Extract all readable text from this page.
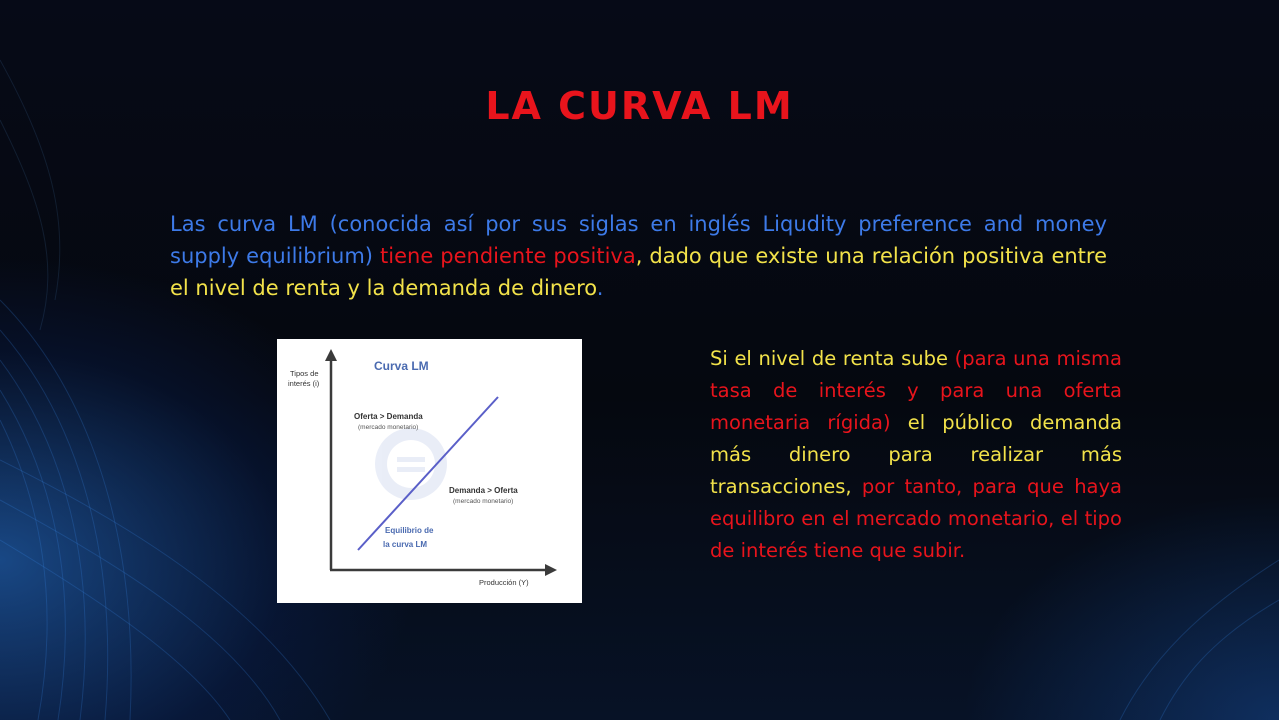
LA CURVA LM
Las curva LM (conocida así por sus siglas en inglés Liqudity preference and money supply equilibrium) tiene pendiente positiva, dado que existe una relación positiva entre el nivel de renta y la demanda de dinero.
Curva LM
Tipos de
interés (i)
Oferta > Demanda
(mercado monetario)
Demanda > Oferta
(mercado monetario)
Equilibrio de
la curva LM
Producción (Y)
Si el nivel de renta sube (para una misma tasa de interés y para una oferta monetaria rígida) el público demanda más dinero para realizar más transacciones, por tanto, para que haya equilibro en el mercado monetario, el tipo de interés tiene que subir.
